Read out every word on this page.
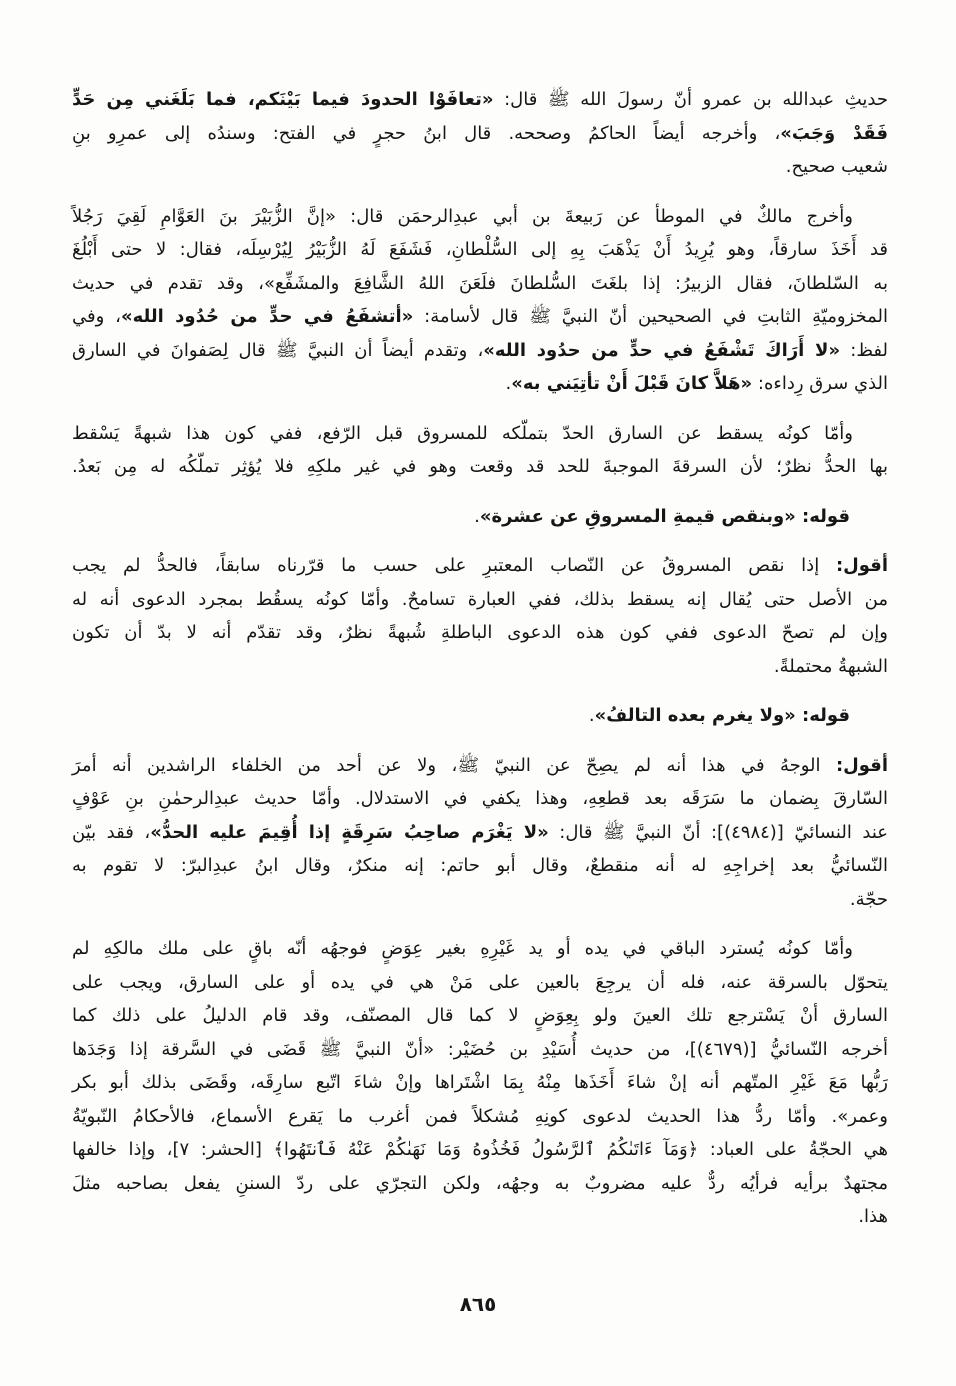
حديثِ عبدالله بن عمرو أنّ رسولَ الله ﷺ قال: «تعافَوْا الحدودَ فيما بَيْنَكم، فما بَلَغَني مِن حَدٍّ
فَقَدْ وَجَبَ»، وأخرجه أيضاً الحاكمُ وصححه. قال ابنُ حجرٍ في الفتح: وسندُه إلى عمرِو بنِ
شعيب صحيح.
وأخرج مالكٌ في الموطأ عن رَبيعةَ بن أبي عبدِالرحمَن قال: «إنَّ الزُّبَيْرَ بنَ العَوَّامِ لَقِيَ رَجُلاً
قد أَخَذَ سارقاً، وهو يُرِيدُ أَنْ يَذْهَبَ بِهِ إلى السُّلْطانِ، فَشَفَعَ لَهُ الزُّبَيْرُ لِيُرْسِلَه، فقال: لا حتى أَبْلُغَ
به السّلطانَ، فقال الزبيرُ: إذا بلغَتَ السُّلطانَ فلَعَنَ اللهُ الشَّافِعَ والمشَفِّع»، وقد تقدم في حديث
المخزوميّةِ الثابتِ في الصحيحين أنّ النبيَّ ﷺ قال لأسامة: «أتشفَعُ في حدٍّ من حُدُود الله»، وفي
لفظ: «لا أَرَاكَ تَشْفَعُ في حدٍّ من حدُود الله»، وتقدم أيضاً أن النبيَّ ﷺ قال لِصَفوانَ في السارق
الذي سرق رِداءه: «هَلاَّ كانَ قَبْلَ أَنْ تأتِيَني به».
وأمّا كونُه يسقط عن السارق الحدّ بتملّكه للمسروق قبل الرّفع، ففي كون هذا شبهةً يَسْقط
بها الحدُّ نظرٌ؛ لأن السرقةَ الموجبةَ للحد قد وقعت وهو في غير ملكِهِ فلا يُؤثِر تملّكُه له مِن بَعدُ.
قوله: «وبنقص قيمةِ المسروقِ عن عشرة».
أقول: إذا نقص المسروقُ عن النّصاب المعتبرِ على حسب ما قرّرناه سابقاً، فالحدُّ لم يجب
من الأصل حتى يُقال إنه يسقط بذلك، ففي العبارة تسامحٌ. وأمّا كونُه يسقُط بمجرد الدعوى أنه له
وإن لم تصحّ الدعوى ففي كون هذه الدعوى الباطلةِ شُبهةً نظرٌ، وقد تقدّم أنه لا بدّ أن تكون
الشبهةُ محتملةً.
قوله: «ولا يغرم بعده التالفُ».
أقول: الوجهُ في هذا أنه لم يصِحّ عن النبيّ ﷺ، ولا عن أحد من الخلفاء الراشدين أنه أمرَ
السّارقَ بِضمان ما سَرَقَه بعد قطعِهِ، وهذا يكفي في الاستدلال. وأمّا حديث عبدِالرحمٰنِ بنِ عَوْفٍ
عند النسائيّ [(٤٩٨٤)]: أنّ النبيَّ ﷺ قال: «لا يَغْرَم صاحِبُ سَرِقَةٍ إذا أُقِيمَ عليه الحدُّ»، فقد بيّن
النّسائيُّ بعد إخراجِهِ له أنه منقطعٌ، وقال أبو حاتم: إنه منكرٌ، وقال ابنُ عبدِالبرّ: لا تقوم به
حجّة.
وأمّا كونُه يُسترد الباقي في يده أو يد غَيْرِهِ بغير عِوَضٍ فوجهُه أنّه باقٍ على ملك مالكِهِ لم
يتحوّل بالسرقة عنه، فله أن يرجِعَ بالعين على مَنْ هي في يده أو على السارق، ويجب على
السارق أنْ يَسْترجع تلك العينَ ولو بِعِوَضٍ لا كما قال المصنّف، وقد قام الدليلُ على ذلك كما
أخرجه النّسائيُّ [(٤٦٧٩)]، من حديث أُسَيْدِ بن حُضَيْر: «أنّ النبيَّ ﷺ قَضَى في السَّرقة إذا وَجَدَها
رَبُّها مَعَ غَيْرِ المتّهم أنه إنْ شاءَ أَخَذَها مِنْهُ بِمَا اشْتَراها وإنْ شاءَ اتّبع سارِقَه، وقَضَى بذلك أبو بكر
وعمر». وأمّا ردُّ هذا الحديث لدعوى كونِهِ مُشكلاً فمن أغرب ما يَقرع الأسماع، فالأحكامُ النّبويّةُ
هي الحجّةُ على العباد: ﴿وَمَآ ءَاتَىٰكُمُ ٱلرَّسُولُ فَخُذُوهُ وَمَا نَهَىٰكُمْ عَنْهُ فَٱنتَهُوا﴾ [الحشر: ٧]، وإذا خالفها
مجتهدٌ برأيه فرأيُه ردٌّ عليه مضروبٌ به وجهُه، ولكن التجرّي على ردّ السننِ يفعل بصاحبه مثلَ
هذا.
٨٦٥
